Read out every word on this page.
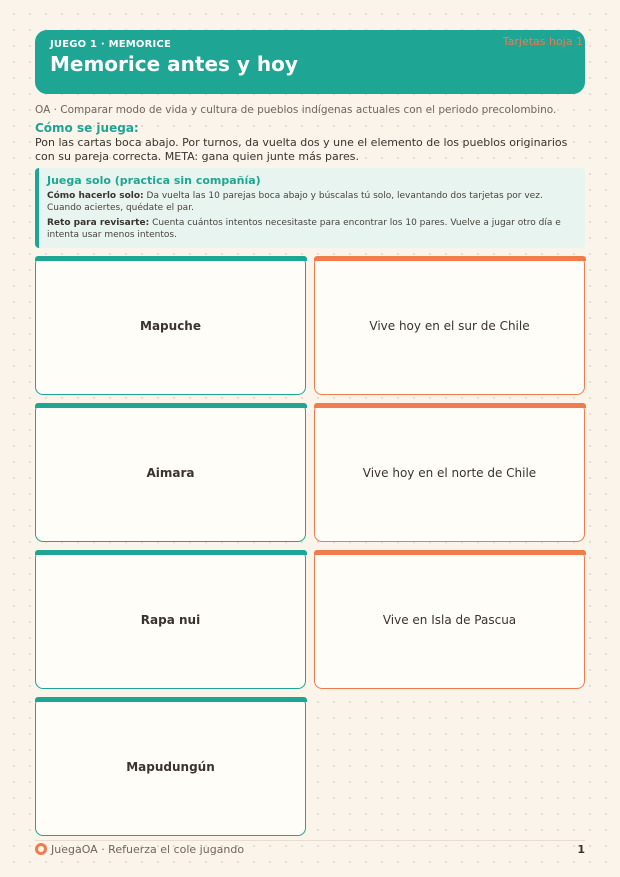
JUEGO 1 · MEMORICE
Memorice antes y hoy
Tarjetas hoja 1
OA · Comparar modo de vida y cultura de pueblos indígenas actuales con el periodo precolombino.
Cómo se juega:
Pon las cartas boca abajo. Por turnos, da vuelta dos y une el elemento de los pueblos originarios con su pareja correcta. META: gana quien junte más pares.
Juega solo (practica sin compañía)
Cómo hacerlo solo: Da vuelta las 10 parejas boca abajo y búscalas tú solo, levantando dos tarjetas por vez. Cuando aciertes, quédate el par.
Reto para revisarte: Cuenta cuántos intentos necesitaste para encontrar los 10 pares. Vuelve a jugar otro día e intenta usar menos intentos.
Mapuche	Vive hoy en el sur de Chile
Aimara	Vive hoy en el norte de Chile
Rapa nui	Vive en Isla de Pascua
Mapudungún
JuegaOA · Refuerza el cole jugando	1
